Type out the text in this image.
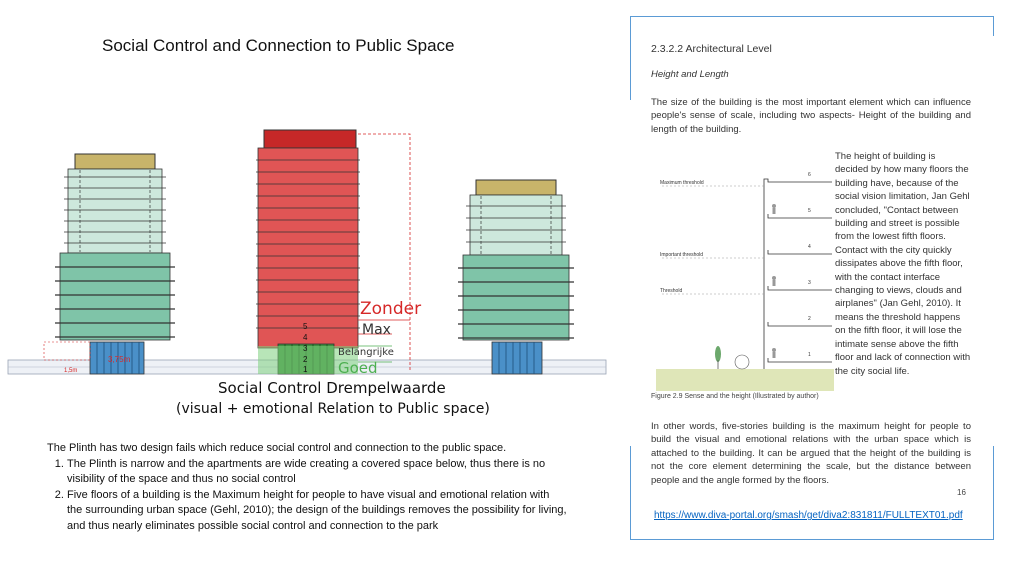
Social Control and Connection to Public Space
3,75m
1,5m
Zonder
Max
Belangrijke
Goed
5
4
3
2
1
Social Control Drempelwaarde
(visual + emotional Relation to Public space)
The Plinth has two design fails which reduce social control and connection to the public space.
1. The Plinth is narrow and the apartments are wide creating a covered space below, thus there is no visibility of the space and thus no social control
2. Five floors of a building is the Maximum height for people to have visual and emotional relation with the surrounding urban space (Gehl, 2010); the design of the buildings removes the possibility for living, and thus nearly eliminates possible social control and connection to the park
2.3.2.2 Architectural Level
Height and Length
The size of the building is the most important element which can influence people's sense of scale, including two aspects- Height of the building and length of the building.
Maximum threshold
Important threshold
Threshold
6
5
4
3
2
1
The height of building is decided by how many floors the building have, because of the social vision limitation, Jan Gehl concluded, "Contact between building and street is possible from the lowest fifth floors. Contact with the city quickly dissipates above the fifth floor, with the contact interface changing to views, clouds and airplanes" (Jan Gehl, 2010). It means the threshold happens on the fifth floor, it will lose the intimate sense above the fifth floor and lack of connection with the city social life.
Figure 2.9 Sense and the height (Illustrated by author)
In other words, five-stories building is the maximum height for people to build the visual and emotional relations with the urban space which is attached to the building. It can be argued that the height of the building is not the core element determining the scale, but the distance between people and the angle formed by the floors.
16
https://www.diva-portal.org/smash/get/diva2:831811/FULLTEXT01.pdf
